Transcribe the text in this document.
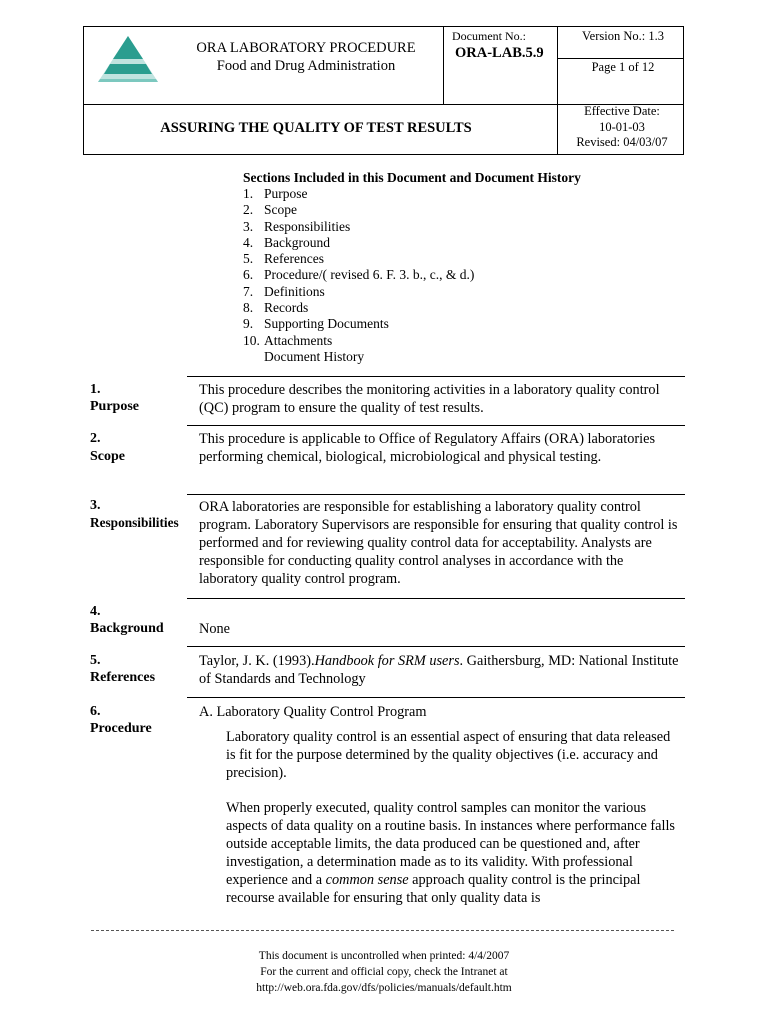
ORA LABORATORY PROCEDURE
Food and Drug Administration
Document No.:
ORA-LAB.5.9
Version No.: 1.3
Page 1 of 12
ASSURING THE QUALITY OF TEST RESULTS
Effective Date:
10-01-03
Revised: 04/03/07
Sections Included in this Document and Document History
1. Purpose
2. Scope
3. Responsibilities
4. Background
5. References
6. Procedure/( revised 6. F. 3. b., c., & d.)
7. Definitions
8. Records
9. Supporting Documents
10. Attachments
Document History
1.
Purpose
This procedure describes the monitoring activities in a laboratory quality control (QC) program to ensure the quality of test results.
2.
Scope
This procedure is applicable to Office of Regulatory Affairs (ORA) laboratories performing chemical, biological, microbiological and physical testing.
3.
Responsibilities
ORA laboratories are responsible for establishing a laboratory quality control program. Laboratory Supervisors are responsible for ensuring that quality control is performed and for reviewing quality control data for acceptability. Analysts are responsible for conducting quality control analyses in accordance with the laboratory quality control program.
4.
Background None
5.
References
Taylor, J. K. (1993).Handbook for SRM users. Gaithersburg, MD: National Institute of Standards and Technology
6.
Procedure
A. Laboratory Quality Control Program
Laboratory quality control is an essential aspect of ensuring that data released is fit for the purpose determined by the quality objectives (i.e. accuracy and precision).
When properly executed, quality control samples can monitor the various aspects of data quality on a routine basis. In instances where performance falls outside acceptable limits, the data produced can be questioned and, after investigation, a determination made as to its validity. With professional experience and a common sense approach quality control is the principal recourse available for ensuring that only quality data is
This document is uncontrolled when printed: 4/4/2007
For the current and official copy, check the Intranet at
http://web.ora.fda.gov/dfs/policies/manuals/default.htm
